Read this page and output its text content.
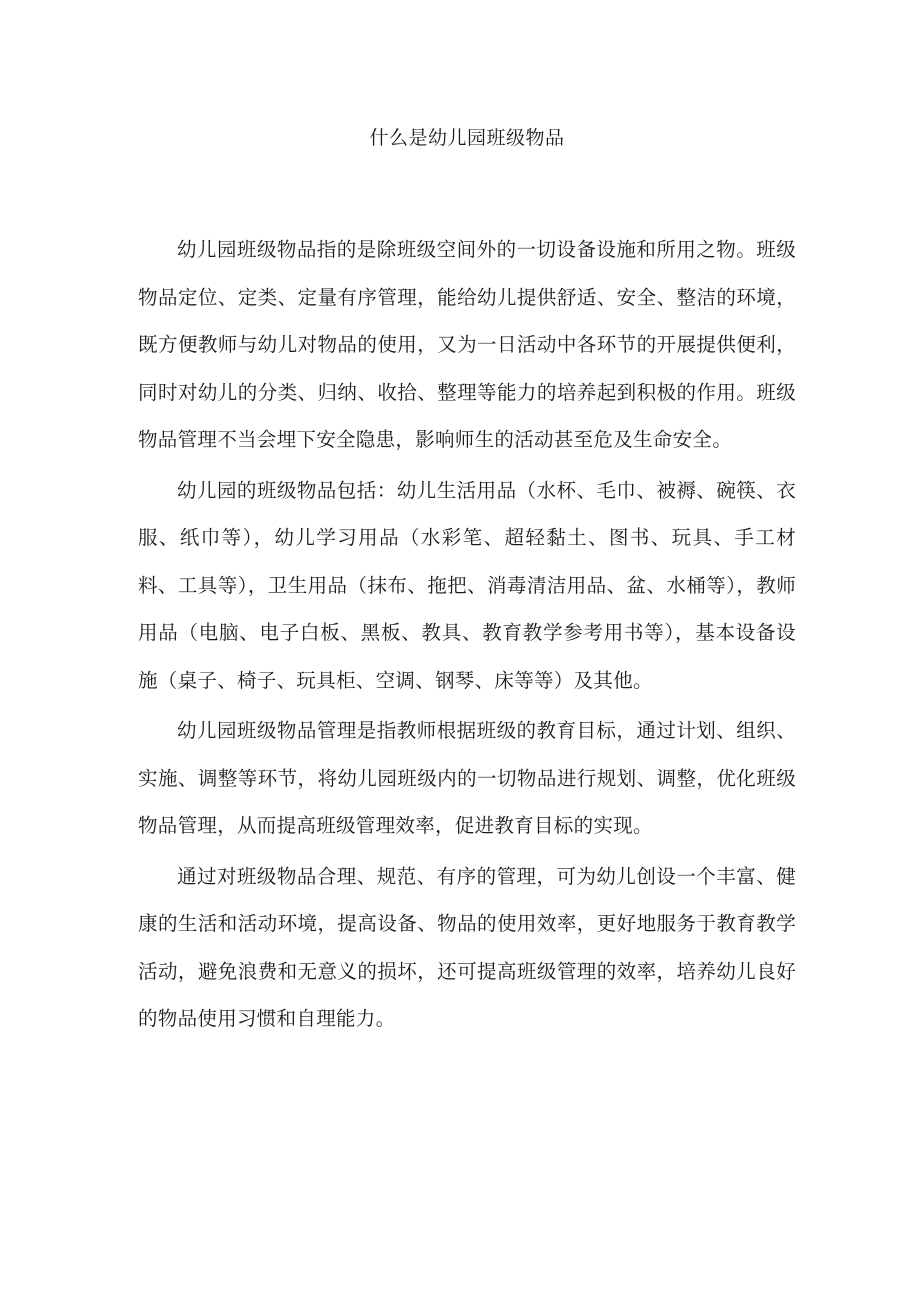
什么是幼儿园班级物品

幼儿园班级物品指的是除班级空间外的一切设备设施和所用之物。班级物品定位、定类、定量有序管理，能给幼儿提供舒适、安全、整洁的环境，既方便教师与幼儿对物品的使用，又为一日活动中各环节的开展提供便利，同时对幼儿的分类、归纳、收拾、整理等能力的培养起到积极的作用。班级物品管理不当会埋下安全隐患，影响师生的活动甚至危及生命安全。

幼儿园的班级物品包括：幼儿生活用品（水杯、毛巾、被褥、碗筷、衣服、纸巾等），幼儿学习用品（水彩笔、超轻黏土、图书、玩具、手工材料、工具等），卫生用品（抹布、拖把、消毒清洁用品、盆、水桶等），教师用品（电脑、电子白板、黑板、教具、教育教学参考用书等），基本设备设施（桌子、椅子、玩具柜、空调、钢琴、床等等）及其他。

幼儿园班级物品管理是指教师根据班级的教育目标，通过计划、组织、实施、调整等环节，将幼儿园班级内的一切物品进行规划、调整，优化班级物品管理，从而提高班级管理效率，促进教育目标的实现。

通过对班级物品合理、规范、有序的管理，可为幼儿创设一个丰富、健康的生活和活动环境，提高设备、物品的使用效率，更好地服务于教育教学活动，避免浪费和无意义的损坏，还可提高班级管理的效率，培养幼儿良好的物品使用习惯和自理能力。
